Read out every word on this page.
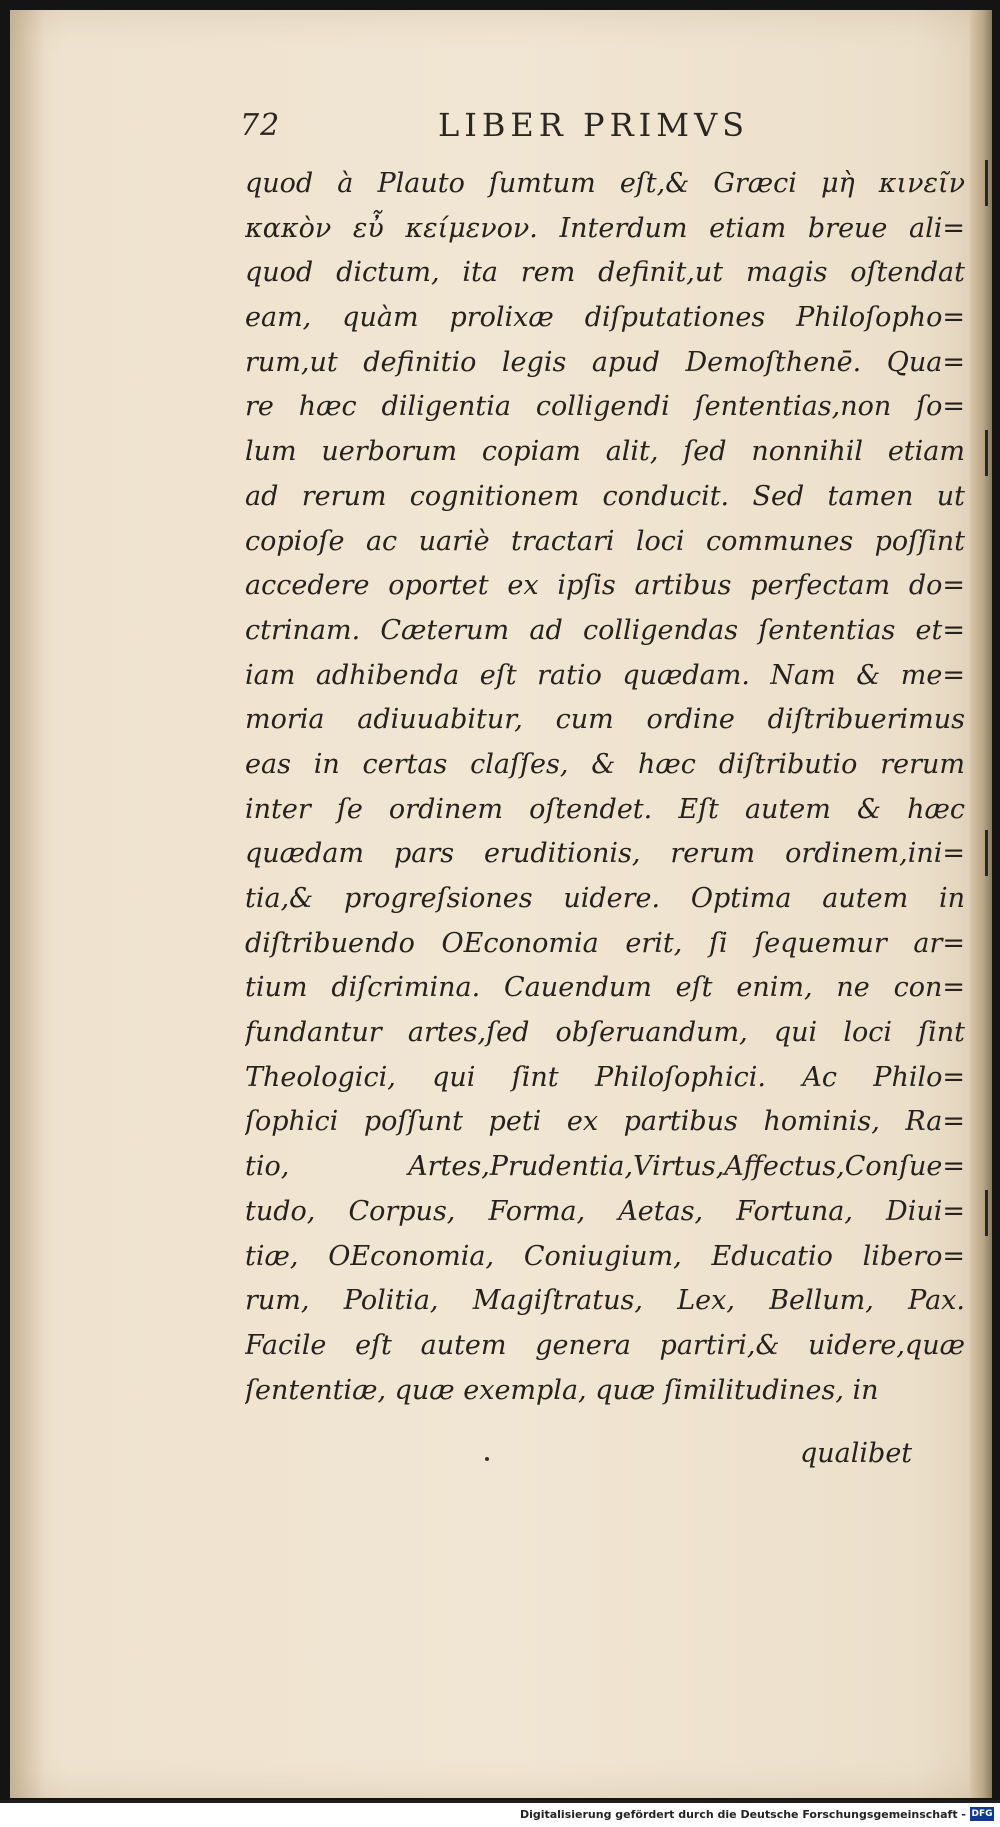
72	LIBER PRIMVS
quod à Plauto ſumtum eſt,& Græci μὴ κινεῖν
κακὸν εὖ κείμενον. Interdum etiam breue ali=
quod dictum, ita rem definit,ut magis oſtendat
eam, quàm prolixæ diſputationes Philoſopho=
rum,ut definitio legis apud Demoſthenē. Qua=
re hæc diligentia colligendi ſententias,non ſo=
lum uerborum copiam alit, ſed nonnihil etiam
ad rerum cognitionem conducit. Sed tamen ut
copioſe ac uariè tractari loci communes poſſint
accedere oportet ex ipſis artibus perfectam do=
ctrinam. Cæterum ad colligendas ſententias et=
iam adhibenda eſt ratio quædam. Nam & me=
moria adiuuabitur, cum ordine diſtribuerimus
eas in certas claſſes, & hæc diſtributio rerum
inter ſe ordinem oſtendet. Eſt autem & hæc
quædam pars eruditionis, rerum ordinem,ini=
tia,& progreſsiones uidere. Optima autem in
diſtribuendo OEconomia erit, ſi ſequemur ar=
tium diſcrimina. Cauendum eſt enim, ne con=
fundantur artes,ſed obſeruandum, qui loci ſint
Theologici, qui ſint Philoſophici. Ac Philo=
ſophici poſſunt peti ex partibus hominis, Ra=
tio, Artes,Prudentia,Virtus,Affectus,Conſue=
tudo, Corpus, Forma, Aetas, Fortuna, Diui=
tiæ, OEconomia, Coniugium, Educatio libero=
rum, Politia, Magiſtratus, Lex, Bellum, Pax.
Facile eſt autem genera partiri,& uidere,quæ
ſententiæ, quæ exempla, quæ ſimilitudines, in
qualibet
Digitalisierung gefördert durch die Deutsche Forschungsgemeinschaft - DFG
